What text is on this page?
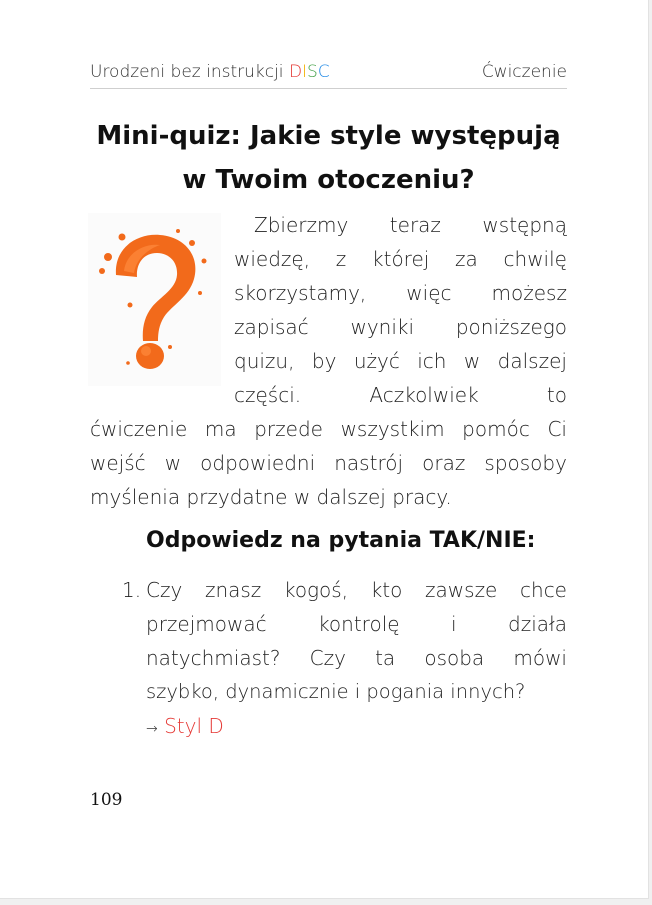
Urodzeni bez instrukcji DISC	Ćwiczenie
Mini-quiz: Jakie style występują
w Twoim otoczeniu?
Zbierzmy teraz wstępną
wiedzę, z której za chwilę
skorzystamy, więc możesz
zapisać wyniki poniższego
quizu, by użyć ich w dalszej
części.	Aczkolwiek	to
ćwiczenie ma przede wszystkim pomóc Ci
wejść w odpowiedni nastrój oraz sposoby
myślenia przydatne w dalszej pracy.
Odpowiedz na pytania TAK/NIE:
1. Czy znasz kogoś, kto zawsze chce
przejmować	kontrolę	i	działa
natychmiast? Czy ta osoba mówi
szybko, dynamicznie i pogania innych?
→ Styl D
109
